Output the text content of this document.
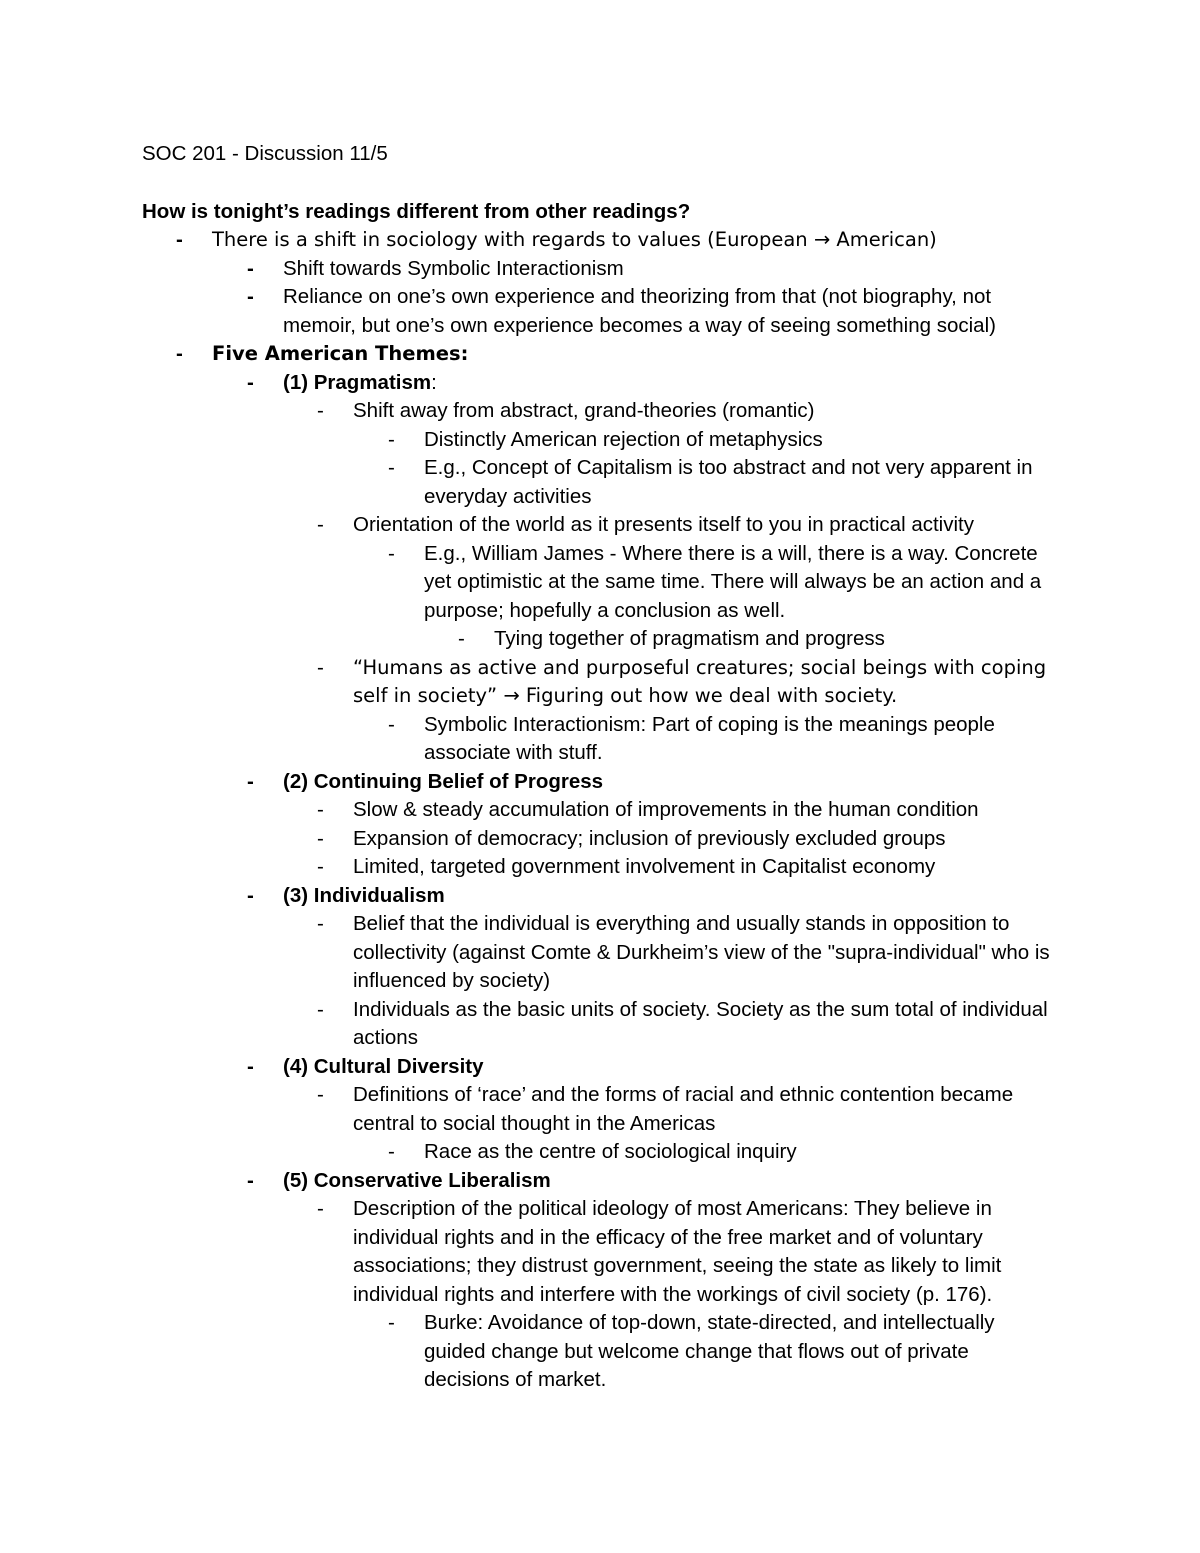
SOC 201 - Discussion 11/5
How is tonight’s readings different from other readings?
- There is a shift in sociology with regards to values (European → American)
- Shift towards Symbolic Interactionism
- Reliance on one’s own experience and theorizing from that (not biography, not memoir, but one’s own experience becomes a way of seeing something social)
- Five American Themes:
- (1) Pragmatism:
- Shift away from abstract, grand-theories (romantic)
- Distinctly American rejection of metaphysics
- E.g., Concept of Capitalism is too abstract and not very apparent in everyday activities
- Orientation of the world as it presents itself to you in practical activity
- E.g., William James - Where there is a will, there is a way. Concrete yet optimistic at the same time. There will always be an action and a purpose; hopefully a conclusion as well.
- Tying together of pragmatism and progress
- “Humans as active and purposeful creatures; social beings with coping self in society” → Figuring out how we deal with society.
- Symbolic Interactionism: Part of coping is the meanings people associate with stuff.
- (2) Continuing Belief of Progress
- Slow & steady accumulation of improvements in the human condition
- Expansion of democracy; inclusion of previously excluded groups
- Limited, targeted government involvement in Capitalist economy
- (3) Individualism
- Belief that the individual is everything and usually stands in opposition to collectivity (against Comte & Durkheim’s view of the "supra-individual" who is influenced by society)
- Individuals as the basic units of society. Society as the sum total of individual actions
- (4) Cultural Diversity
- Definitions of ‘race’ and the forms of racial and ethnic contention became central to social thought in the Americas
- Race as the centre of sociological inquiry
- (5) Conservative Liberalism
- Description of the political ideology of most Americans: They believe in individual rights and in the efficacy of the free market and of voluntary associations; they distrust government, seeing the state as likely to limit individual rights and interfere with the workings of civil society (p. 176).
- Burke: Avoidance of top-down, state-directed, and intellectually guided change but welcome change that flows out of private decisions of market.
